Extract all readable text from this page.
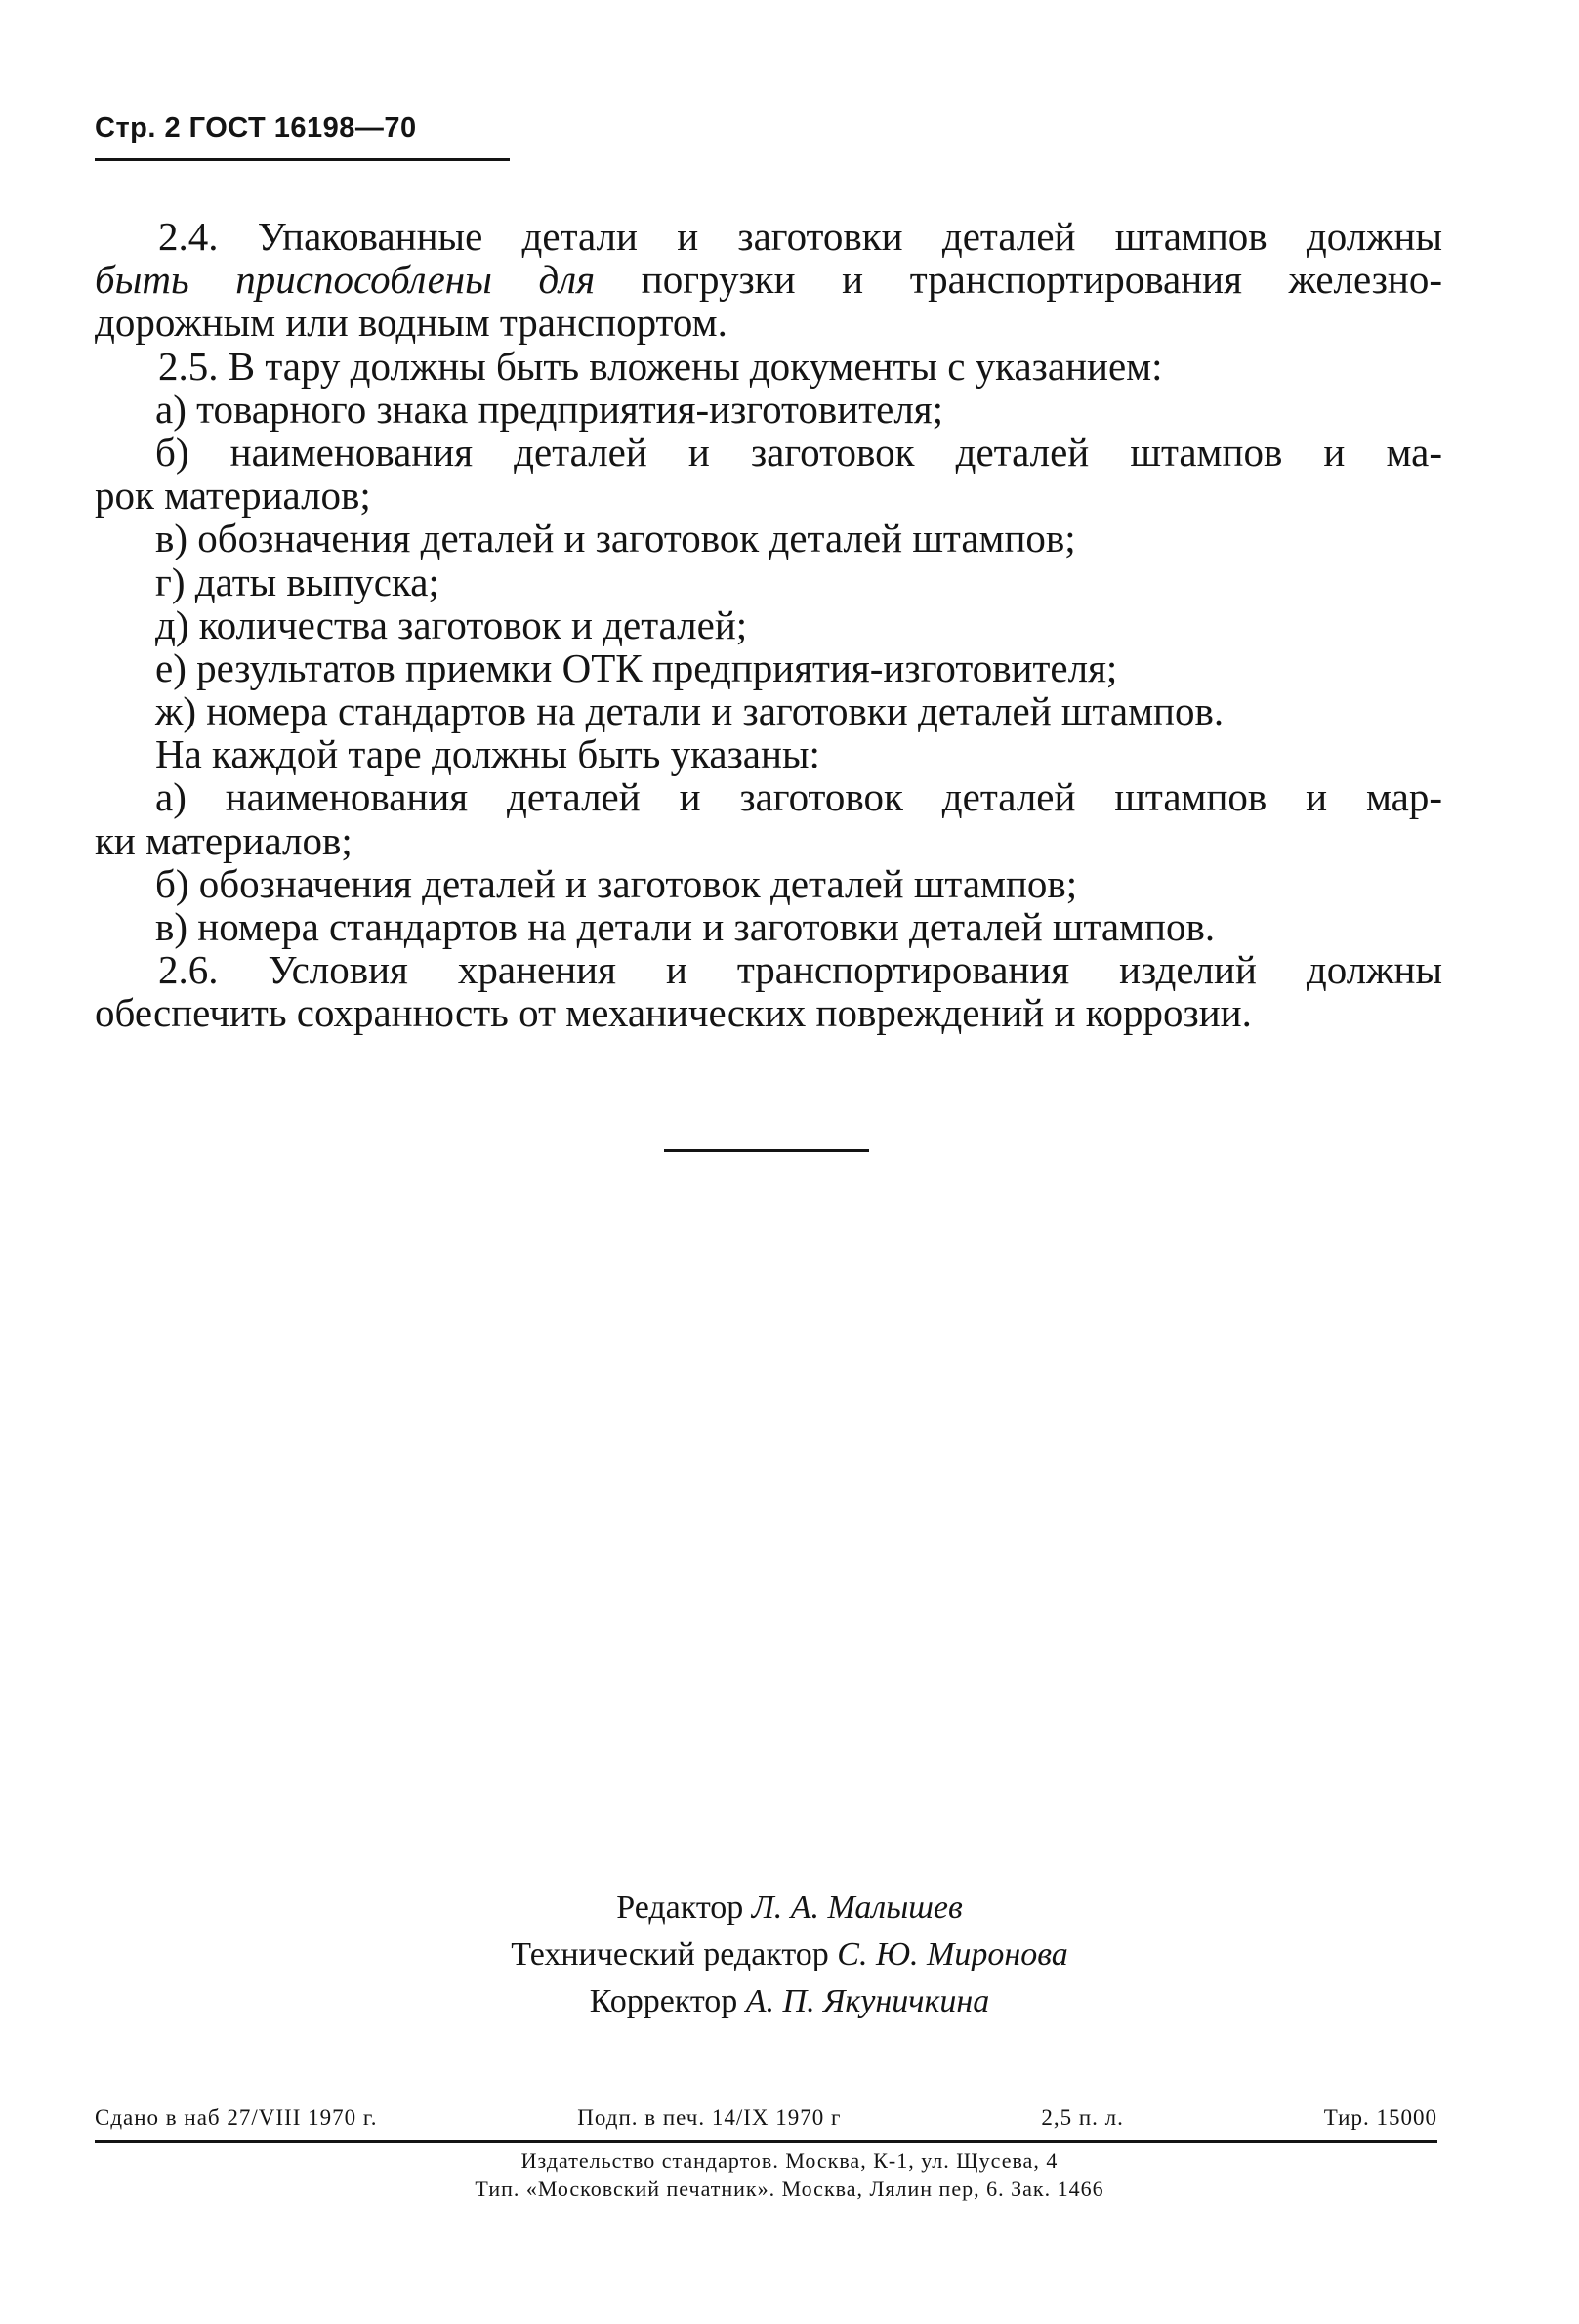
Стр. 2 ГОСТ 16198—70
2.4. Упакованные детали и заготовки деталей штампов должны
быть приспособлены для погрузки и транспортирования железно-
дорожным или водным транспортом.
2.5. В тару должны быть вложены документы с указанием:
а) товарного знака предприятия-изготовителя;
б) наименования деталей и заготовок деталей штампов и ма-
рок материалов;
в) обозначения деталей и заготовок деталей штампов;
г) даты выпуска;
д) количества заготовок и деталей;
е) результатов приемки ОТК предприятия-изготовителя;
ж) номера стандартов на детали и заготовки деталей штампов.
На каждой таре должны быть указаны:
а) наименования деталей и заготовок деталей штампов и мар-
ки материалов;
б) обозначения деталей и заготовок деталей штампов;
в) номера стандартов на детали и заготовки деталей штампов.
2.6. Условия хранения и транспортирования изделий должны
обеспечить сохранность от механических повреждений и коррозии.
Редактор Л. А. Малышев
Технический редактор С. Ю. Миронова
Корректор А. П. Якуничкина
Сдано в наб 27/VIII 1970 г.	Подп. в печ. 14/IX 1970 г	2,5 п. л.	Тир. 15000
Издательство стандартов. Москва, К-1, ул. Щусева, 4
Тип. «Московский печатник». Москва, Лялин пер, 6. Зак. 1466
